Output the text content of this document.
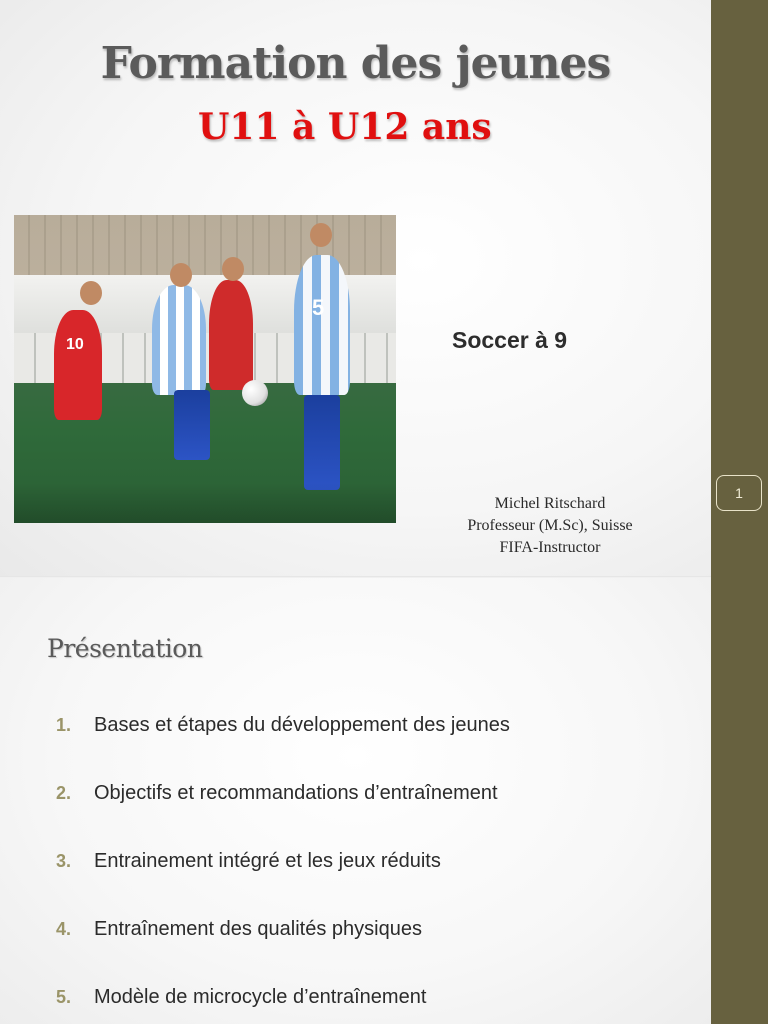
Formation des jeunes
U11 à U12 ans
10
5
Soccer à 9
Michel Ritschard
Professeur (M.Sc), Suisse
FIFA-Instructor
1
Présentation
1.	Bases et étapes du développement des jeunes
2.	Objectifs et recommandations d’entraînement
3.	Entrainement intégré et les jeux réduits
4.	Entraînement des qualités physiques
5.	Modèle de microcycle d’entraînement
